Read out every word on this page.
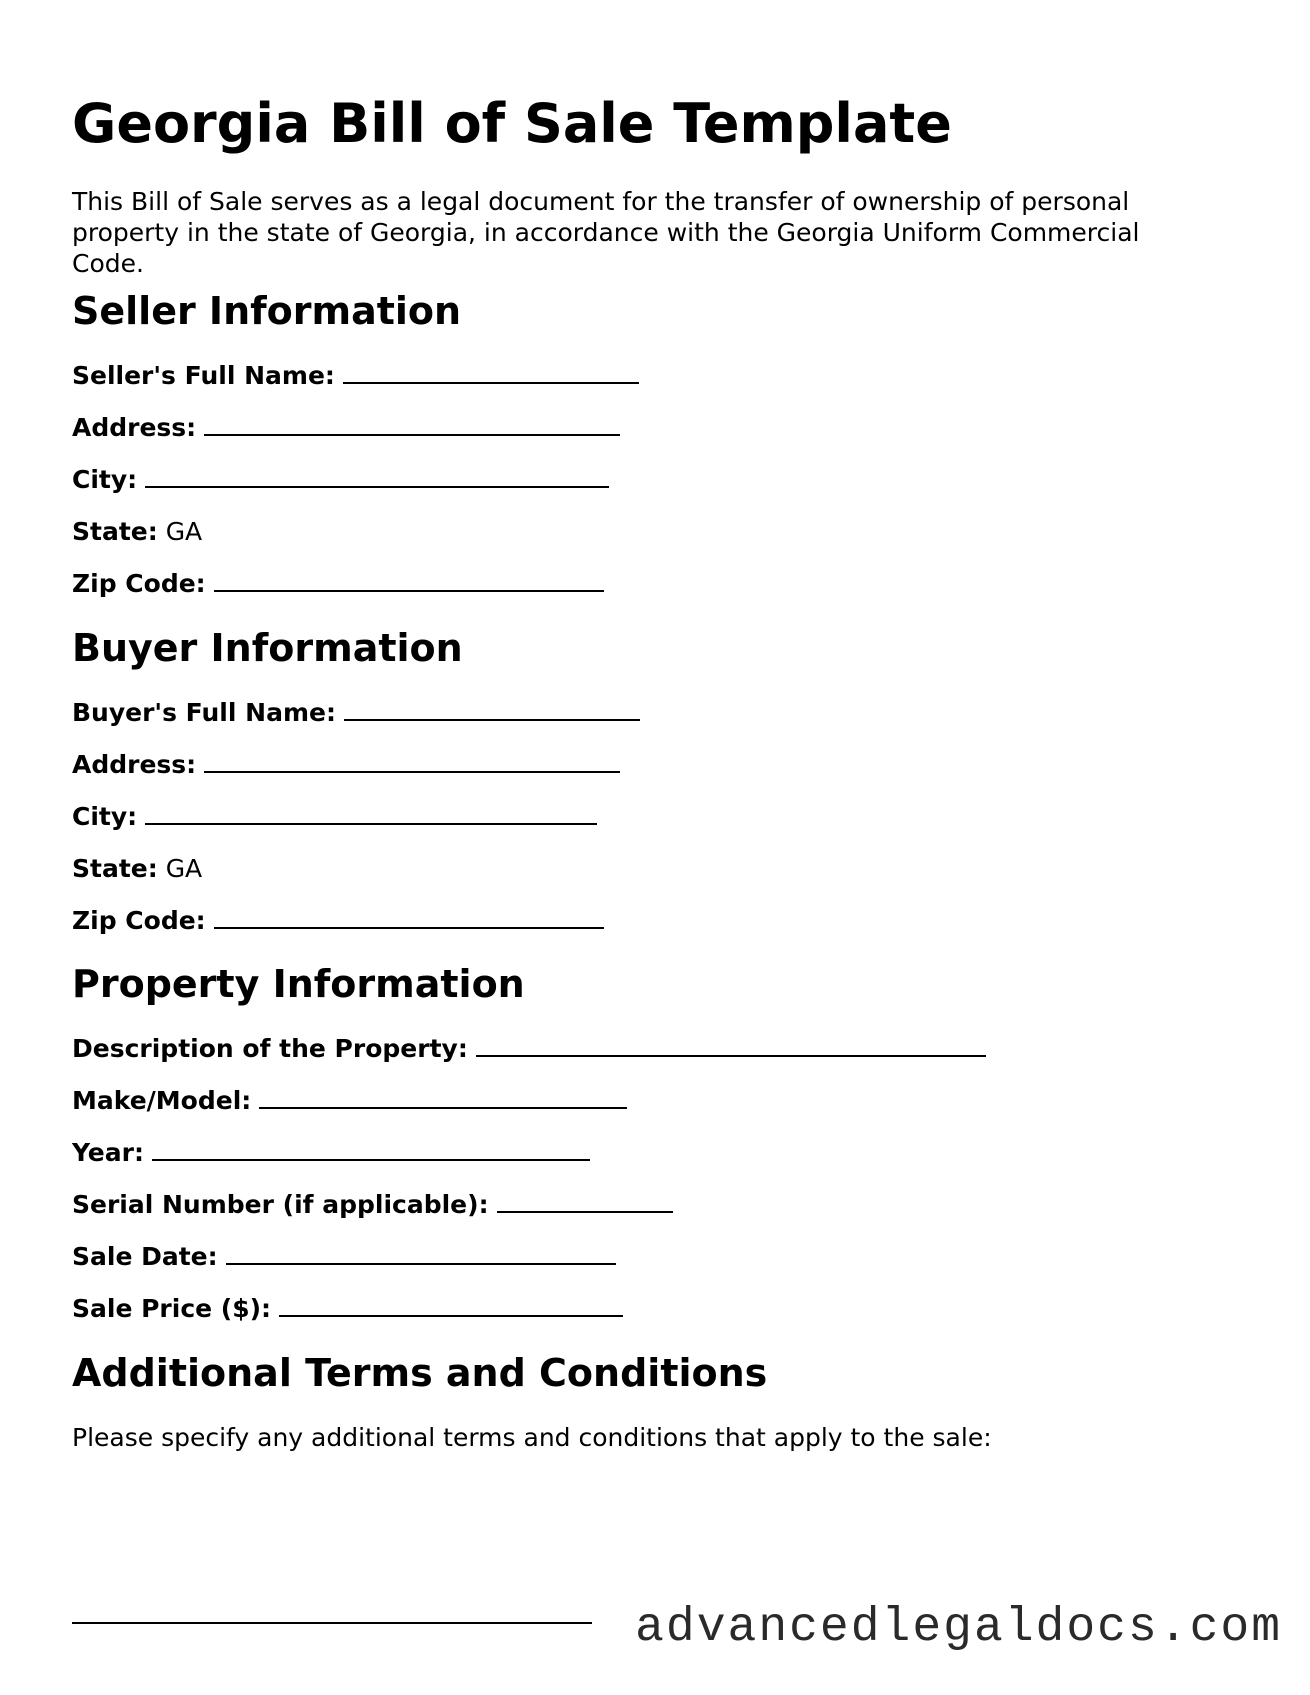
Georgia Bill of Sale Template

This Bill of Sale serves as a legal document for the transfer of ownership of personal property in the state of Georgia, in accordance with the Georgia Uniform Commercial Code.

Seller Information
Seller's Full Name:
Address:
City:
State: GA
Zip Code:
Buyer Information
Buyer's Full Name:
Address:
City:
State: GA
Zip Code:
Property Information
Description of the Property:
Make/Model:
Year:
Serial Number (if applicable):
Sale Date:
Sale Price ($):
Additional Terms and Conditions

Please specify any additional terms and conditions that apply to the sale:

advancedlegaldocs.com
